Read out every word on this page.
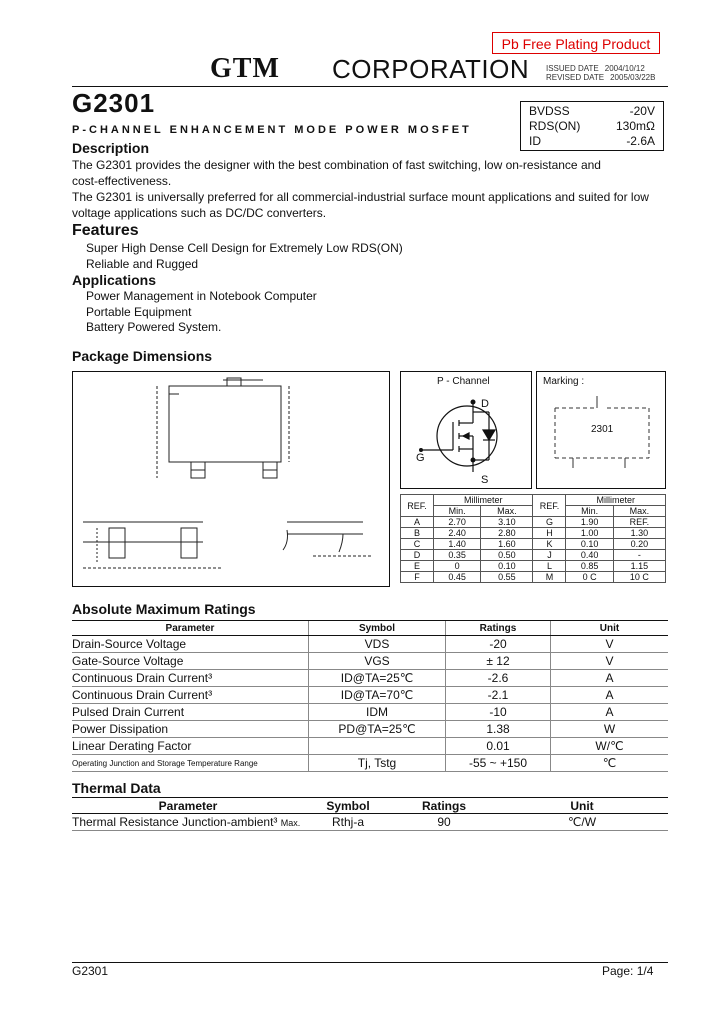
Pb Free Plating Product
GTM CORPORATION ISSUED DATE 2004/10/12
REVISED DATE 2005/03/22B
G2301
P-CHANNEL ENHANCEMENT MODE POWER MOSFET
BVDSS	-20V
RDS(ON)	130mΩ
ID	-2.6A
Description
The G2301 provides the designer with the best combination of fast switching, low on-resistance and
cost-effectiveness.
The G2301 is universally preferred for all commercial-industrial surface mount applications and suited for low
voltage applications such as DC/DC converters.
Features
Super High Dense Cell Design for Extremely Low RDS(ON)
Reliable and Rugged
Applications
Power Management in Notebook Computer
Portable Equipment
Battery Powered System.
Package Dimensions
P - Channel
D
G
S
Marking :
2301
REF.	Millimeter		REF.	Millimeter	
	Min.	Max.		Min.	Max.
A	2.70	3.10	G	1.90	REF.
B	2.40	2.80	H	1.00	1.30
C	1.40	1.60	K	0.10	0.20
D	0.35	0.50	J	0.40	-
E	0	0.10	L	0.85	1.15
F	0.45	0.55	M	0 C	10 C
Absolute Maximum Ratings
Parameter	Symbol	Ratings	Unit
Drain-Source Voltage	VDS	-20	V
Gate-Source Voltage	VGS	± 12	V
Continuous Drain Current³	ID@TA=25℃	-2.6	A
Continuous Drain Current³	ID@TA=70℃	-2.1	A
Pulsed Drain Current	IDM	-10	A
Power Dissipation	PD@TA=25℃	1.38	W
Linear Derating Factor		0.01	W/℃
Operating Junction and Storage Temperature Range	Tj, Tstg	-55 ~ +150	℃
Thermal Data
Parameter	Symbol	Ratings	Unit
Thermal Resistance Junction-ambient³ Max.	Rthj-a	90	℃/W
G2301	Page: 1/4
